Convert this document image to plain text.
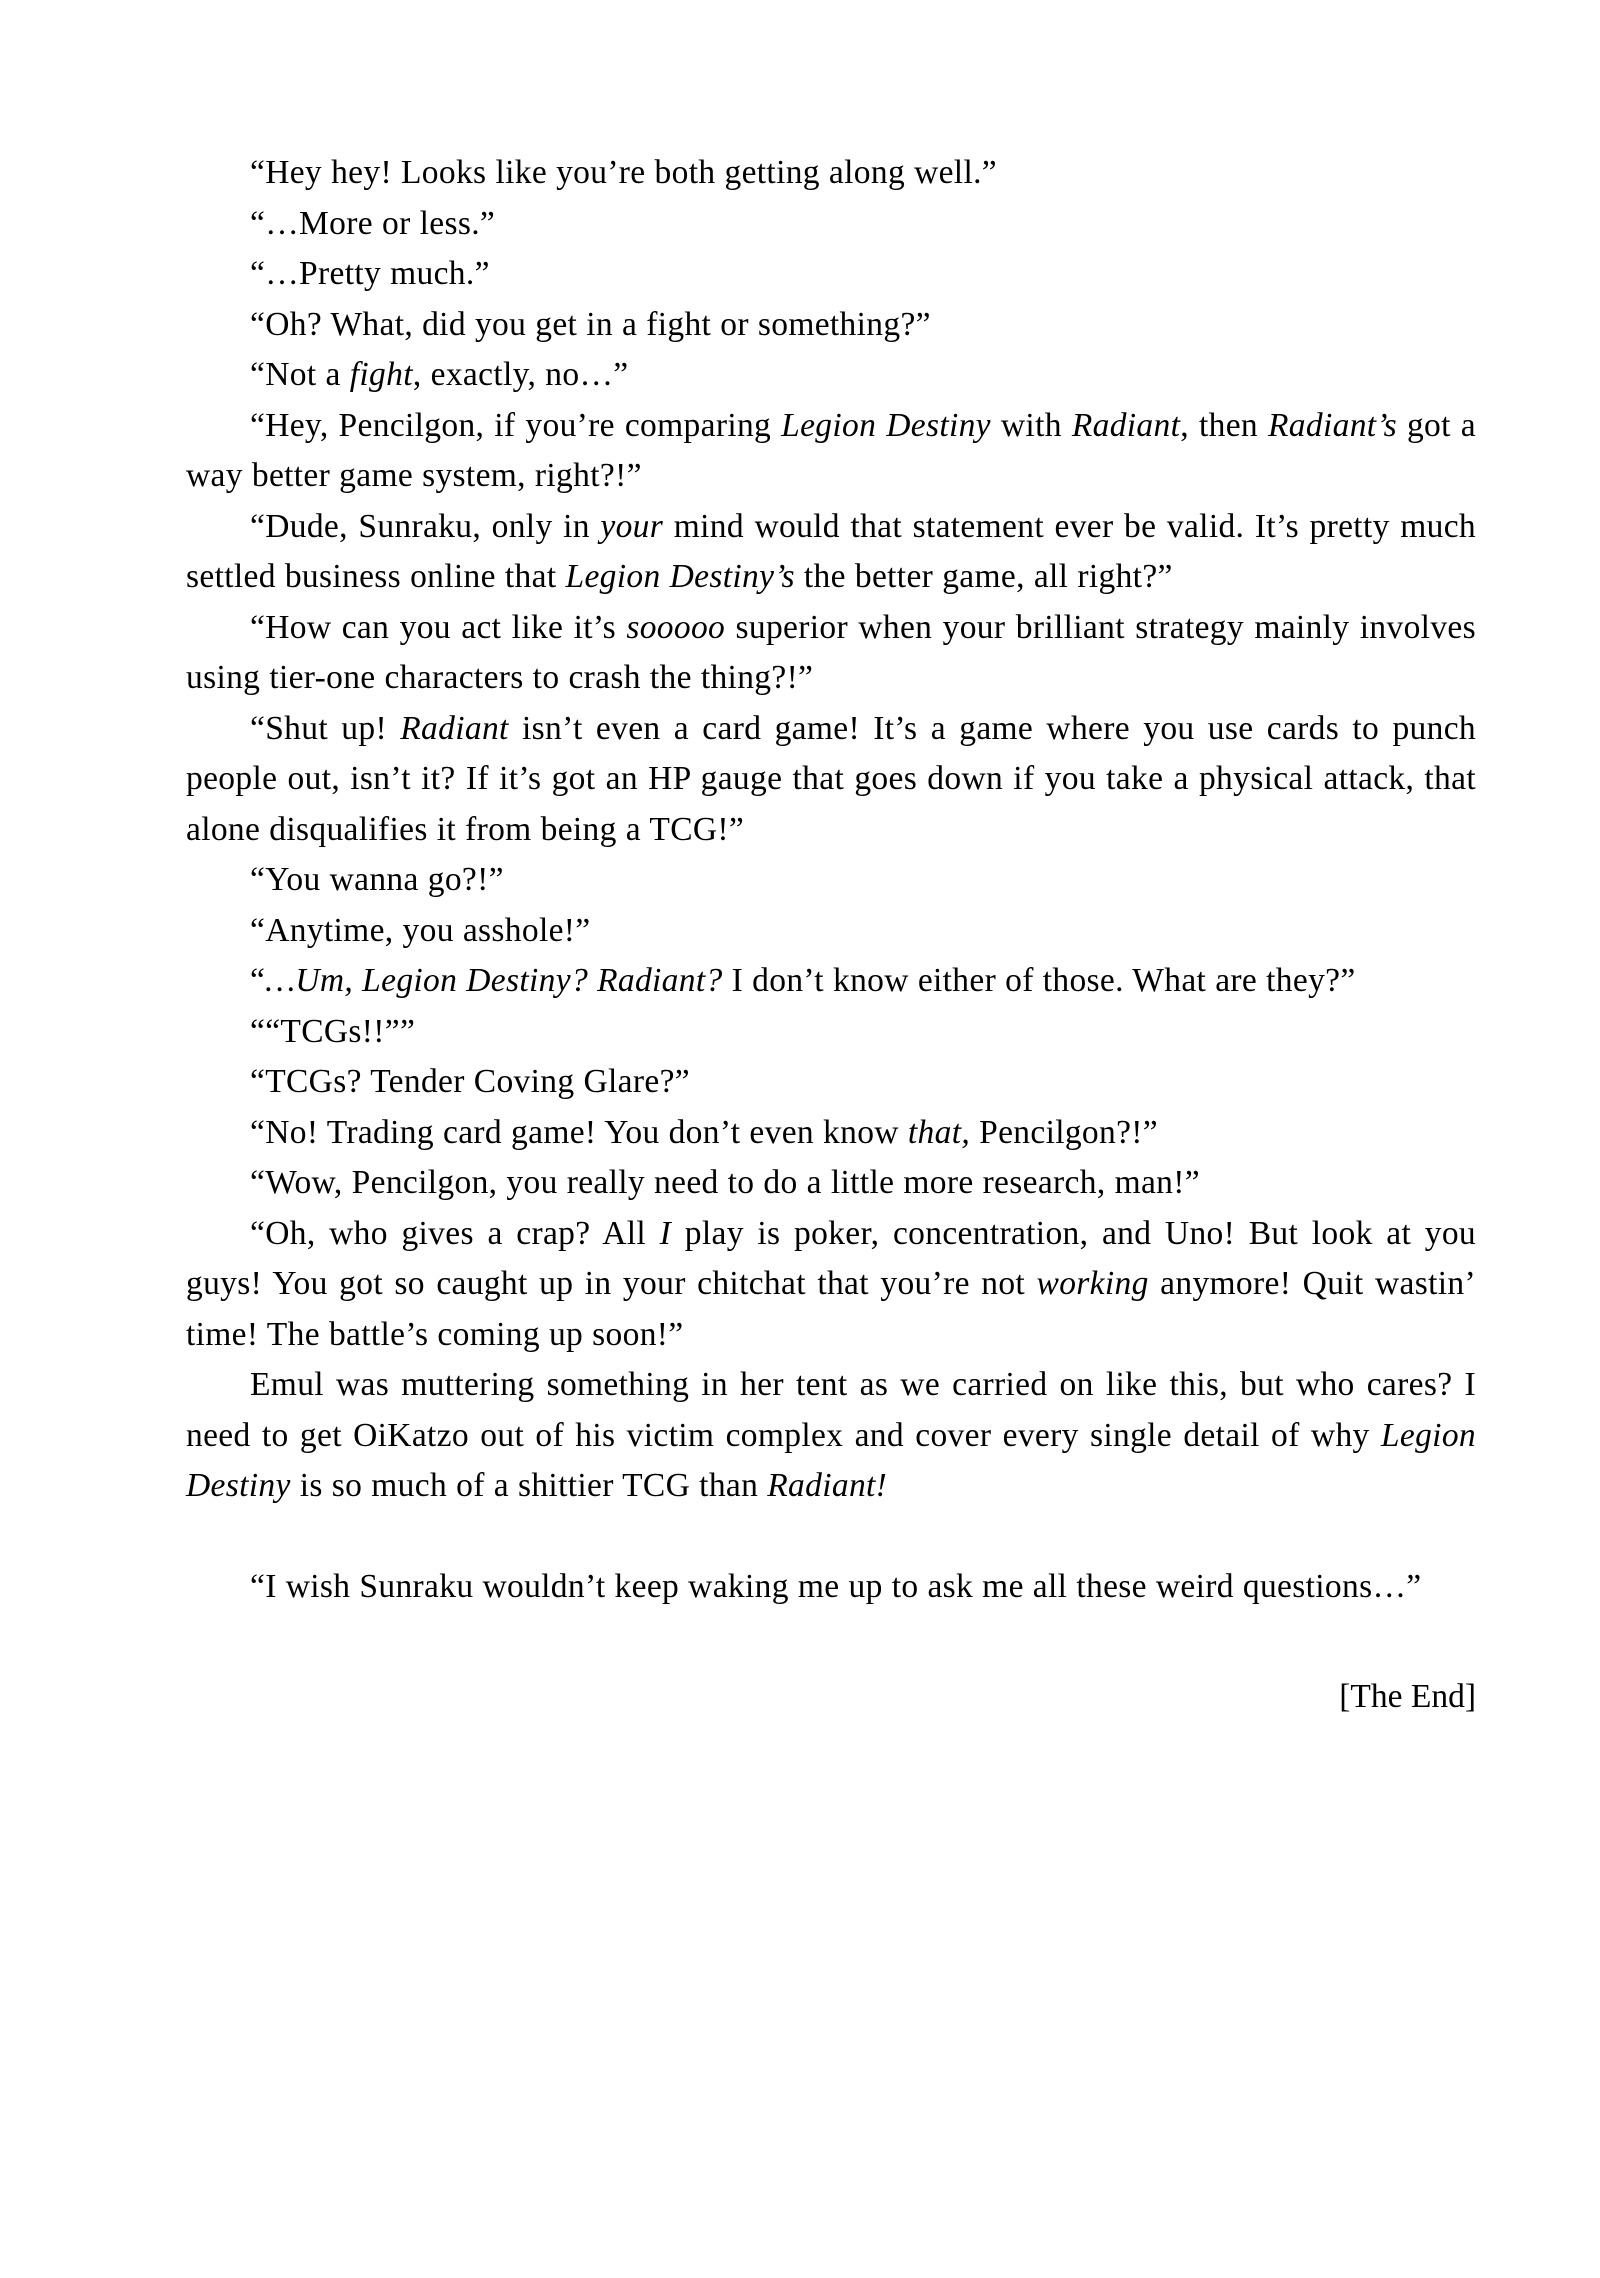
“Hey hey! Looks like you’re both getting along well.”

“…More or less.”

“…Pretty much.”

“Oh? What, did you get in a fight or something?”

“Not a fight, exactly, no…”

“Hey, Pencilgon, if you’re comparing Legion Destiny with Radiant, then Radiant’s got a way better game system, right?!”

“Dude, Sunraku, only in your mind would that statement ever be valid. It’s pretty much settled business online that Legion Destiny’s the better game, all right?”

“How can you act like it’s sooooo superior when your brilliant strategy mainly involves using tier-one characters to crash the thing?!”

“Shut up! Radiant isn’t even a card game! It’s a game where you use cards to punch people out, isn’t it? If it’s got an HP gauge that goes down if you take a physical attack, that alone disqualifies it from being a TCG!”

“You wanna go?!”

“Anytime, you asshole!”

“…Um, Legion Destiny? Radiant? I don’t know either of those. What are they?”

““TCGs!!””

“TCGs? Tender Coving Glare?”

“No! Trading card game! You don’t even know that, Pencilgon?!”

“Wow, Pencilgon, you really need to do a little more research, man!”

“Oh, who gives a crap? All I play is poker, concentration, and Uno! But look at you guys! You got so caught up in your chitchat that you’re not working anymore! Quit wastin’ time! The battle’s coming up soon!”

Emul was muttering something in her tent as we carried on like this, but who cares? I need to get OiKatzo out of his victim complex and cover every single detail of why Legion Destiny is so much of a shittier TCG than Radiant!

“I wish Sunraku wouldn’t keep waking me up to ask me all these weird questions…”

[The End]
